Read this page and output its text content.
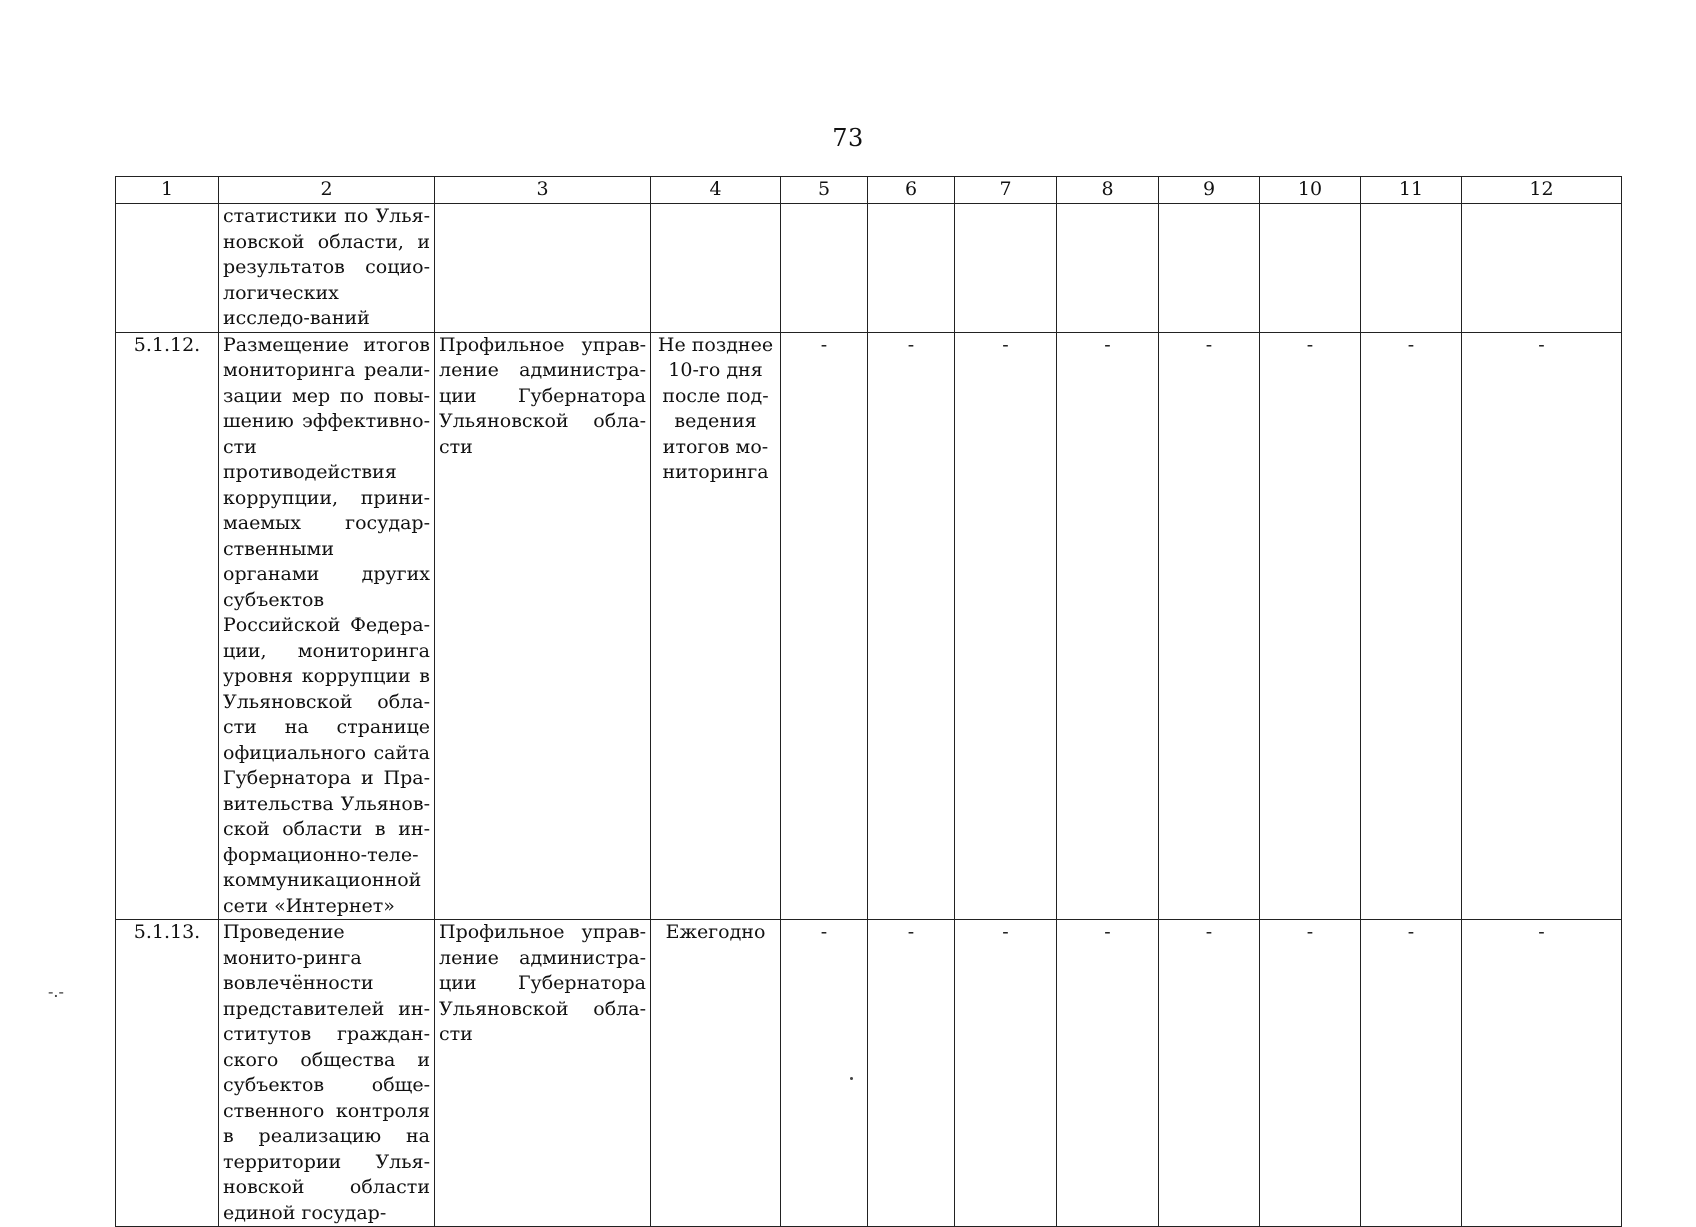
73
1	2	3	4	5	6	7	8	9	10	11	12
	статистики по Улья-новской области, и результатов социо-логических исследо-ваний										
5.1.12.	Размещение итогов мониторинга реали-зации мер по повы-шению эффективно-сти противодействия коррупции, прини-маемых государ-ственными органами других субъектов Российской Федера-ции, мониторинга уровня коррупции в Ульяновской обла-сти на странице официального сайта Губернатора и Пра-вительства Ульянов-ской области в ин-формационно-теле-коммуникационной сети «Интернет»	Профильное управ-ление администра-ции Губернатора Ульяновской обла-сти	Не позднее 10-го дня после под-ведения итогов мо-ниторинга	-	-	-	-	-	-	-	-
5.1.13.	Проведение монито-ринга вовлечённости представителей ин-ститутов граждан-ского общества и субъектов обще-ственного контроля в реализацию на территории Улья-новской области единой государ-	Профильное управ-ление администра-ции Губернатора Ульяновской обла-сти	Ежегодно	-	-	-	-	-	-	-	-
-.-
